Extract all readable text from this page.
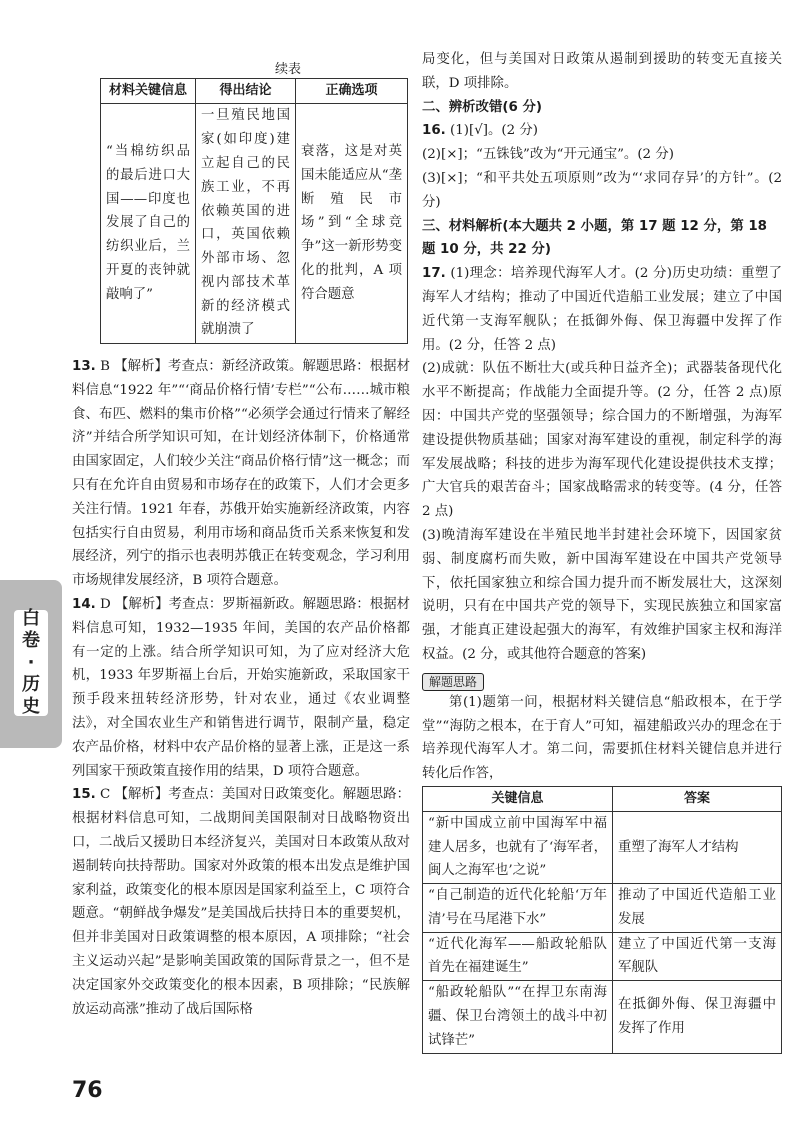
续表
材料关键信息	得出结论	正确选项
“当棉纺织品的最后进口大国——印度也发展了自己的纺织业后，兰开夏的丧钟就敲响了”	一旦殖民地国家(如印度)建立起自己的民族工业，不再依赖英国的进口，英国依赖外部市场、忽视内部技术革新的经济模式就崩溃了	衰落，这是对英国未能适应从“垄断殖民市场”到“全球竞争”这一新形势变化的批判，A 项符合题意
13. B 【解析】考查点：新经济政策。解题思路：根据材料信息“1922 年”“‘商品价格行情’专栏”“公布……城市粮食、布匹、燃料的集市价格”“必须学会通过行情来了解经济”并结合所学知识可知，在计划经济体制下，价格通常由国家固定，人们较少关注“商品价格行情”这一概念；而只有在允许自由贸易和市场存在的政策下，人们才会更多关注行情。1921 年春，苏俄开始实施新经济政策，内容包括实行自由贸易，利用市场和商品货币关系来恢复和发展经济，列宁的指示也表明苏俄正在转变观念，学习利用市场规律发展经济，B 项符合题意。
14. D 【解析】考查点：罗斯福新政。解题思路：根据材料信息可知，1932—1935 年间，美国的农产品价格都有一定的上涨。结合所学知识可知，为了应对经济大危机，1933 年罗斯福上台后，开始实施新政，采取国家干预手段来扭转经济形势，针对农业，通过《农业调整法》，对全国农业生产和销售进行调节，限制产量，稳定农产品价格，材料中农产品价格的显著上涨，正是这一系列国家干预政策直接作用的结果，D 项符合题意。
15. C 【解析】考查点：美国对日政策变化。解题思路：根据材料信息可知，二战期间美国限制对日战略物资出口，二战后又援助日本经济复兴，美国对日本政策从敌对遏制转向扶持帮助。国家对外政策的根本出发点是维护国家利益，政策变化的根本原因是国家利益至上，C 项符合题意。“朝鲜战争爆发”是美国战后扶持日本的重要契机，但并非美国对日政策调整的根本原因，A 项排除；“社会主义运动兴起”是影响美国政策的国际背景之一，但不是决定国家外交政策变化的根本因素，B 项排除；“民族解放运动高涨”推动了战后国际格

局变化，但与美国对日政策从遏制到援助的转变无直接关联，D 项排除。

二、辨析改错(6 分)
16. (1)[√]。(2 分)
(2)[×]；“五铢钱”改为“开元通宝”。(2 分)
(3)[×]；“和平共处五项原则”改为“‘求同存异’的方针”。(2 分)
三、材料解析(本大题共 2 小题，第 17 题 12 分，第 18 题 10 分，共 22 分)
17. (1)理念：培养现代海军人才。(2 分)历史功绩：重塑了海军人才结构；推动了中国近代造船工业发展；建立了中国近代第一支海军舰队；在抵御外侮、保卫海疆中发挥了作用。(2 分，任答 2 点)
(2)成就：队伍不断壮大(或兵种日益齐全)；武器装备现代化水平不断提高；作战能力全面提升等。(2 分，任答 2 点)原因：中国共产党的坚强领导；综合国力的不断增强，为海军建设提供物质基础；国家对海军建设的重视，制定科学的海军发展战略；科技的进步为海军现代化建设提供技术支撑；广大官兵的艰苦奋斗；国家战略需求的转变等。(4 分，任答 2 点)
(3)晚清海军建设在半殖民地半封建社会环境下，因国家贫弱、制度腐朽而失败，新中国海军建设在中国共产党领导下，依托国家独立和综合国力提升而不断发展壮大，这深刻说明，只有在中国共产党的领导下，实现民族独立和国家富强，才能真正建设起强大的海军，有效维护国家主权和海洋权益。(2 分，或其他符合题意的答案)
解题思路

第(1)题第一问，根据材料关键信息“船政根本，在于学堂”“海防之根本，在于育人”可知，福建船政兴办的理念在于培养现代海军人才。第二问，需要抓住材料关键信息并进行转化后作答，

关键信息	答案
“新中国成立前中国海军中福建人居多，也就有了‘海军者，闽人之海军也’之说”	重塑了海军人才结构
“自己制造的近代化轮船‘万年清’号在马尾港下水”	推动了中国近代造船工业发展
“近代化海军——船政轮船队首先在福建诞生”	建立了中国近代第一支海军舰队
“船政轮船队”“在捍卫东南海疆、保卫台湾领土的战斗中初试锋芒”	在抵御外侮、保卫海疆中发挥了作用
白
卷
·
历
史
76
